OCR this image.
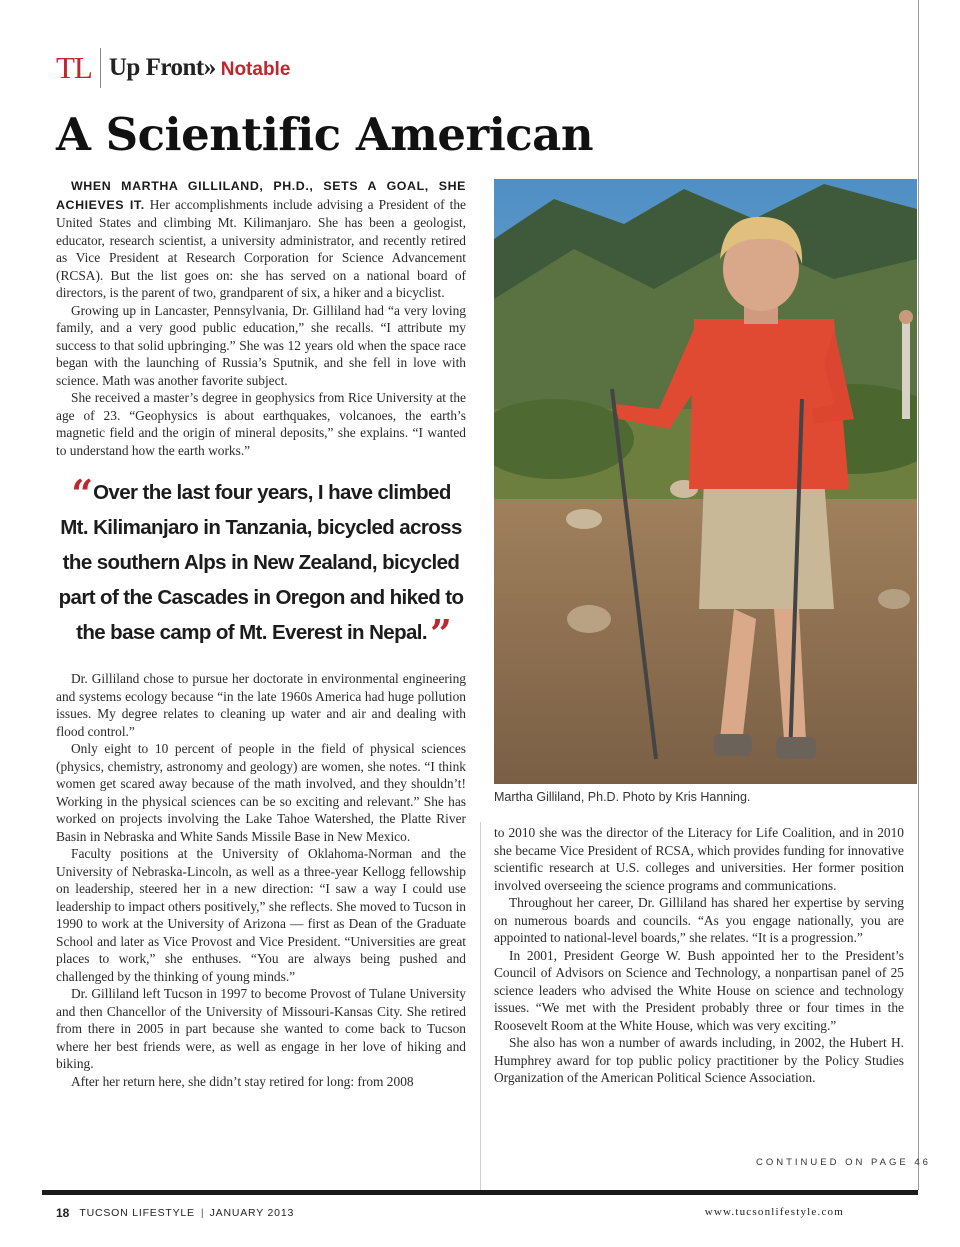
TL Up Front» Notable
A Scientific American

WHEN MARTHA GILLILAND, PH.D., SETS A GOAL, SHE ACHIEVES IT. Her accomplishments include advising a President of the United States and climbing Mt. Kilimanjaro. She has been a geologist, educator, research scientist, a university administrator, and recently retired as Vice President at Research Corporation for Science Advancement (RCSA). But the list goes on: she has served on a national board of directors, is the parent of two, grandparent of six, a hiker and a bicyclist.

Growing up in Lancaster, Pennsylvania, Dr. Gilliland had “a very loving family, and a very good public education,” she recalls. “I attribute my success to that solid upbringing.” She was 12 years old when the space race began with the launching of Russia’s Sputnik, and she fell in love with science. Math was another favorite subject.

She received a master’s degree in geophysics from Rice University at the age of 23. “Geophysics is about earthquakes, volcanoes, the earth’s magnetic field and the origin of mineral deposits,” she explains. “I wanted to understand how the earth works.”

“ Over the last four years, I have climbed Mt. Kilimanjaro in Tanzania, bicycled across the southern Alps in New Zealand, bicycled part of the Cascades in Oregon and hiked to the base camp of Mt. Everest in Nepal.”

Dr. Gilliland chose to pursue her doctorate in environmental engineering and systems ecology because “in the late 1960s America had huge pollution issues. My degree relates to cleaning up water and air and dealing with flood control.”

Only eight to 10 percent of people in the field of physical sciences (physics, chemistry, astronomy and geology) are women, she notes. “I think women get scared away because of the math involved, and they shouldn’t! Working in the physical sciences can be so exciting and relevant.” She has worked on projects involving the Lake Tahoe Watershed, the Platte River Basin in Nebraska and White Sands Missile Base in New Mexico.

Faculty positions at the University of Oklahoma-Norman and the University of Nebraska-Lincoln, as well as a three-year Kellogg fellowship on leadership, steered her in a new direction: “I saw a way I could use leadership to impact others positively,” she reflects. She moved to Tucson in 1990 to work at the University of Arizona — first as Dean of the Graduate School and later as Vice Provost and Vice President. “Universities are great places to work,” she enthuses. “You are always being pushed and challenged by the thinking of young minds.”

Dr. Gilliland left Tucson in 1997 to become Provost of Tulane University and then Chancellor of the University of Missouri-Kansas City. She retired from there in 2005 in part because she wanted to come back to Tucson where her best friends were, as well as engage in her love of hiking and biking.

After her return here, she didn’t stay retired for long: from 2008

Martha Gilliland, Ph.D. Photo by Kris Hanning.

to 2010 she was the director of the Literacy for Life Coalition, and in 2010 she became Vice President of RCSA, which provides funding for innovative scientific research at U.S. colleges and universities. Her former position involved overseeing the science programs and communications.

Throughout her career, Dr. Gilliland has shared her expertise by serving on numerous boards and councils. “As you engage nationally, you are appointed to national-level boards,” she relates. “It is a progression.”

In 2001, President George W. Bush appointed her to the President’s Council of Advisors on Science and Technology, a nonpartisan panel of 25 science leaders who advised the White House on science and technology issues. “We met with the President probably three or four times in the Roosevelt Room at the White House, which was very exciting.”

She also has won a number of awards including, in 2002, the Hubert H. Humphrey award for top public policy practitioner by the Policy Studies Organization of the American Political Science Association.

CONTINUED ON PAGE 46
18 TUCSON LIFESTYLE | JANUARY 2013	www.tucsonlifestyle.com
